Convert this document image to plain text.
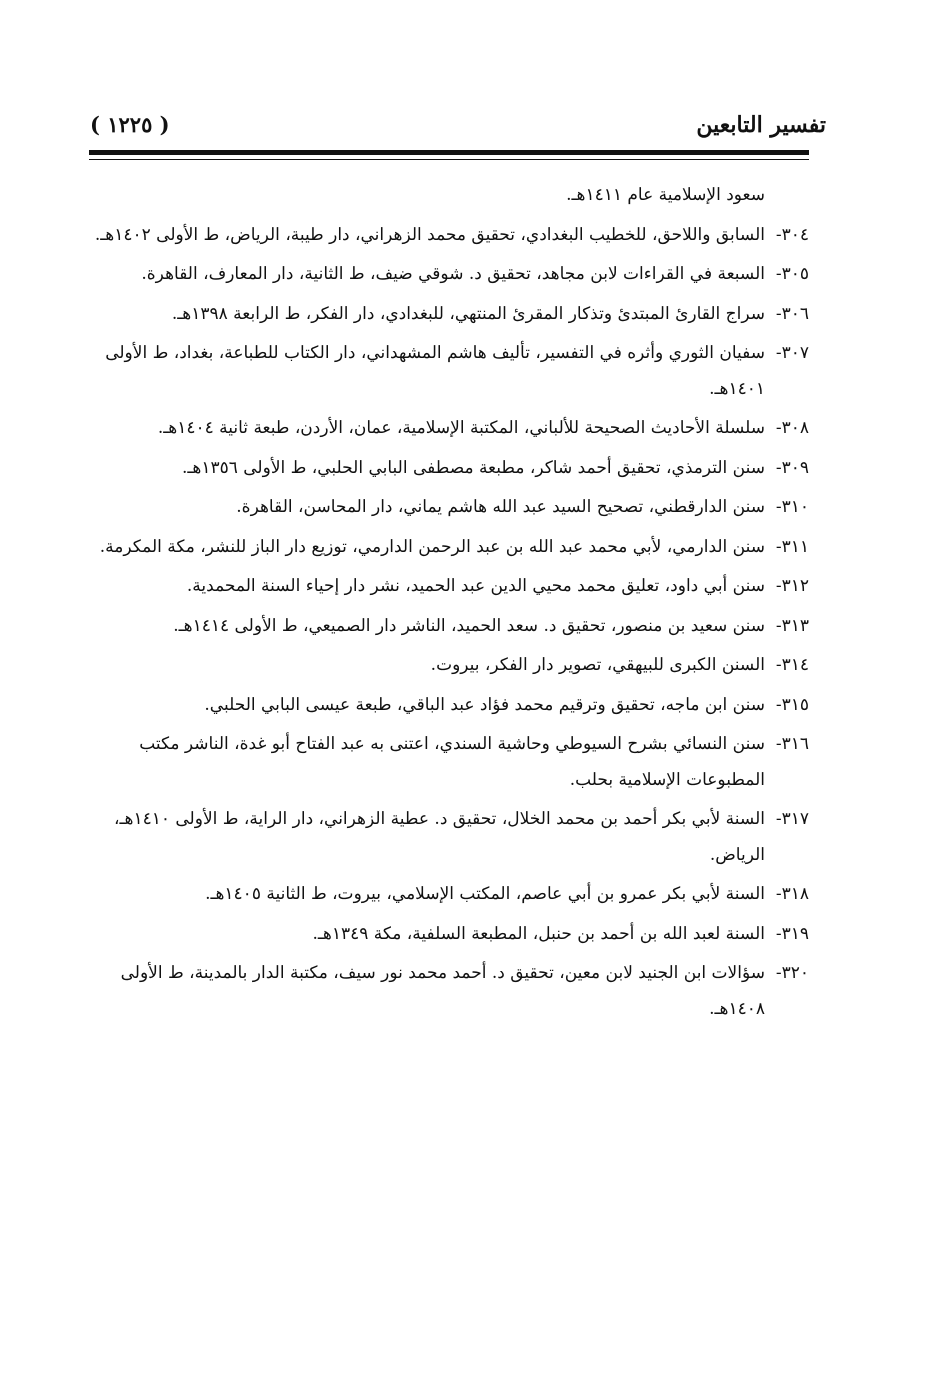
تفسير التابعين
( ١٢٢٥ )

سعود الإسلامية عام ١٤١١هـ.

٣٠٤-السابق واللاحق، للخطيب البغدادي، تحقيق محمد الزهراني، دار طيبة، الرياض، ط الأولى ١٤٠٢هـ.

٣٠٥-السبعة في القراءات لابن مجاهد، تحقيق د. شوقي ضيف، ط الثانية، دار المعارف، القاهرة.

٣٠٦-سراج القارئ المبتدئ وتذكار المقرئ المنتهي، للبغدادي، دار الفكر، ط الرابعة ١٣٩٨هـ.

٣٠٧-سفيان الثوري وأثره في التفسير، تأليف هاشم المشهداني، دار الكتاب للطباعة، بغداد، ط الأولى ١٤٠١هـ.

٣٠٨-سلسلة الأحاديث الصحيحة للألباني، المكتبة الإسلامية، عمان، الأردن، طبعة ثانية ١٤٠٤هـ.

٣٠٩-سنن الترمذي، تحقيق أحمد شاكر، مطبعة مصطفى البابي الحلبي، ط الأولى ١٣٥٦هـ.

٣١٠-سنن الدارقطني، تصحيح السيد عبد الله هاشم يماني، دار المحاسن، القاهرة.

٣١١-سنن الدارمي، لأبي محمد عبد الله بن عبد الرحمن الدارمي، توزيع دار الباز للنشر، مكة المكرمة.

٣١٢-سنن أبي داود، تعليق محمد محيي الدين عبد الحميد، نشر دار إحياء السنة المحمدية.

٣١٣-سنن سعيد بن منصور، تحقيق د. سعد الحميد، الناشر دار الصميعي، ط الأولى ١٤١٤هـ.

٣١٤-السنن الكبرى للبيهقي، تصوير دار الفكر، بيروت.

٣١٥-سنن ابن ماجه، تحقيق وترقيم محمد فؤاد عبد الباقي، طبعة عيسى البابي الحلبي.

٣١٦-سنن النسائي بشرح السيوطي وحاشية السندي، اعتنى به عبد الفتاح أبو غدة، الناشر مكتب المطبوعات الإسلامية بحلب.

٣١٧-السنة لأبي بكر أحمد بن محمد الخلال، تحقيق د. عطية الزهراني، دار الراية، ط الأولى ١٤١٠هـ، الرياض.

٣١٨-السنة لأبي بكر عمرو بن أبي عاصم، المكتب الإسلامي، بيروت، ط الثانية ١٤٠٥هـ.

٣١٩-السنة لعبد الله بن أحمد بن حنبل، المطبعة السلفية، مكة ١٣٤٩هـ.

٣٢٠-سؤالات ابن الجنيد لابن معين، تحقيق د. أحمد محمد نور سيف، مكتبة الدار بالمدينة، ط الأولى ١٤٠٨هـ.
